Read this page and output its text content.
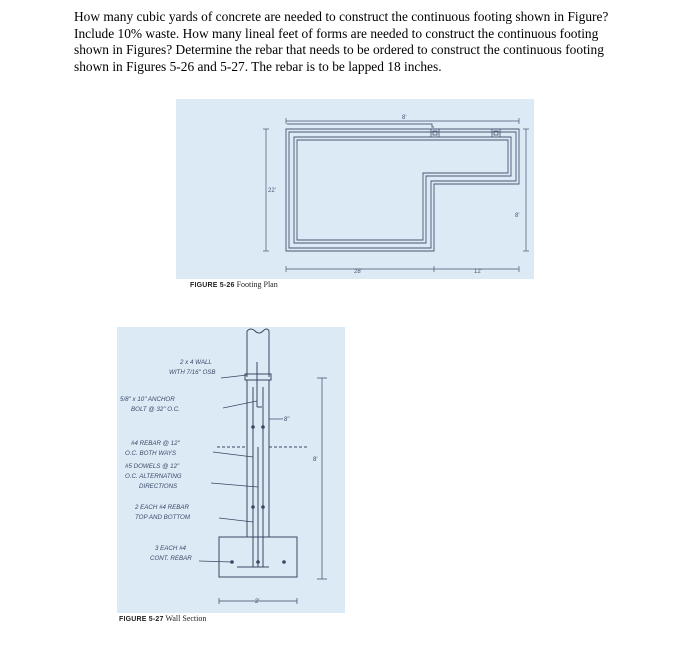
How many cubic yards of concrete are needed to construct the continuous footing shown in Figure? Include 10% waste. How many lineal feet of forms are needed to construct the continuous footing shown in Figures? Determine the rebar that needs to be ordered to construct the continuous footing shown in Figures 5-26 and 5-27. The rebar is to be lapped 18 inches.
8'
22'
28'	12'
8'
FIGURE 5-26 Footing Plan
2 x 4 WALL
WITH 7/16" OSB
5/8" x 10" ANCHOR
BOLT @ 32" O.C.
#4 REBAR @ 12"
O.C. BOTH WAYS
#5 DOWELS @ 12"
O.C. ALTERNATING
DIRECTIONS
2 EACH #4 REBAR
TOP AND BOTTOM
3 EACH #4
CONT. REBAR
8"
8'
2'
FIGURE 5-27 Wall Section
